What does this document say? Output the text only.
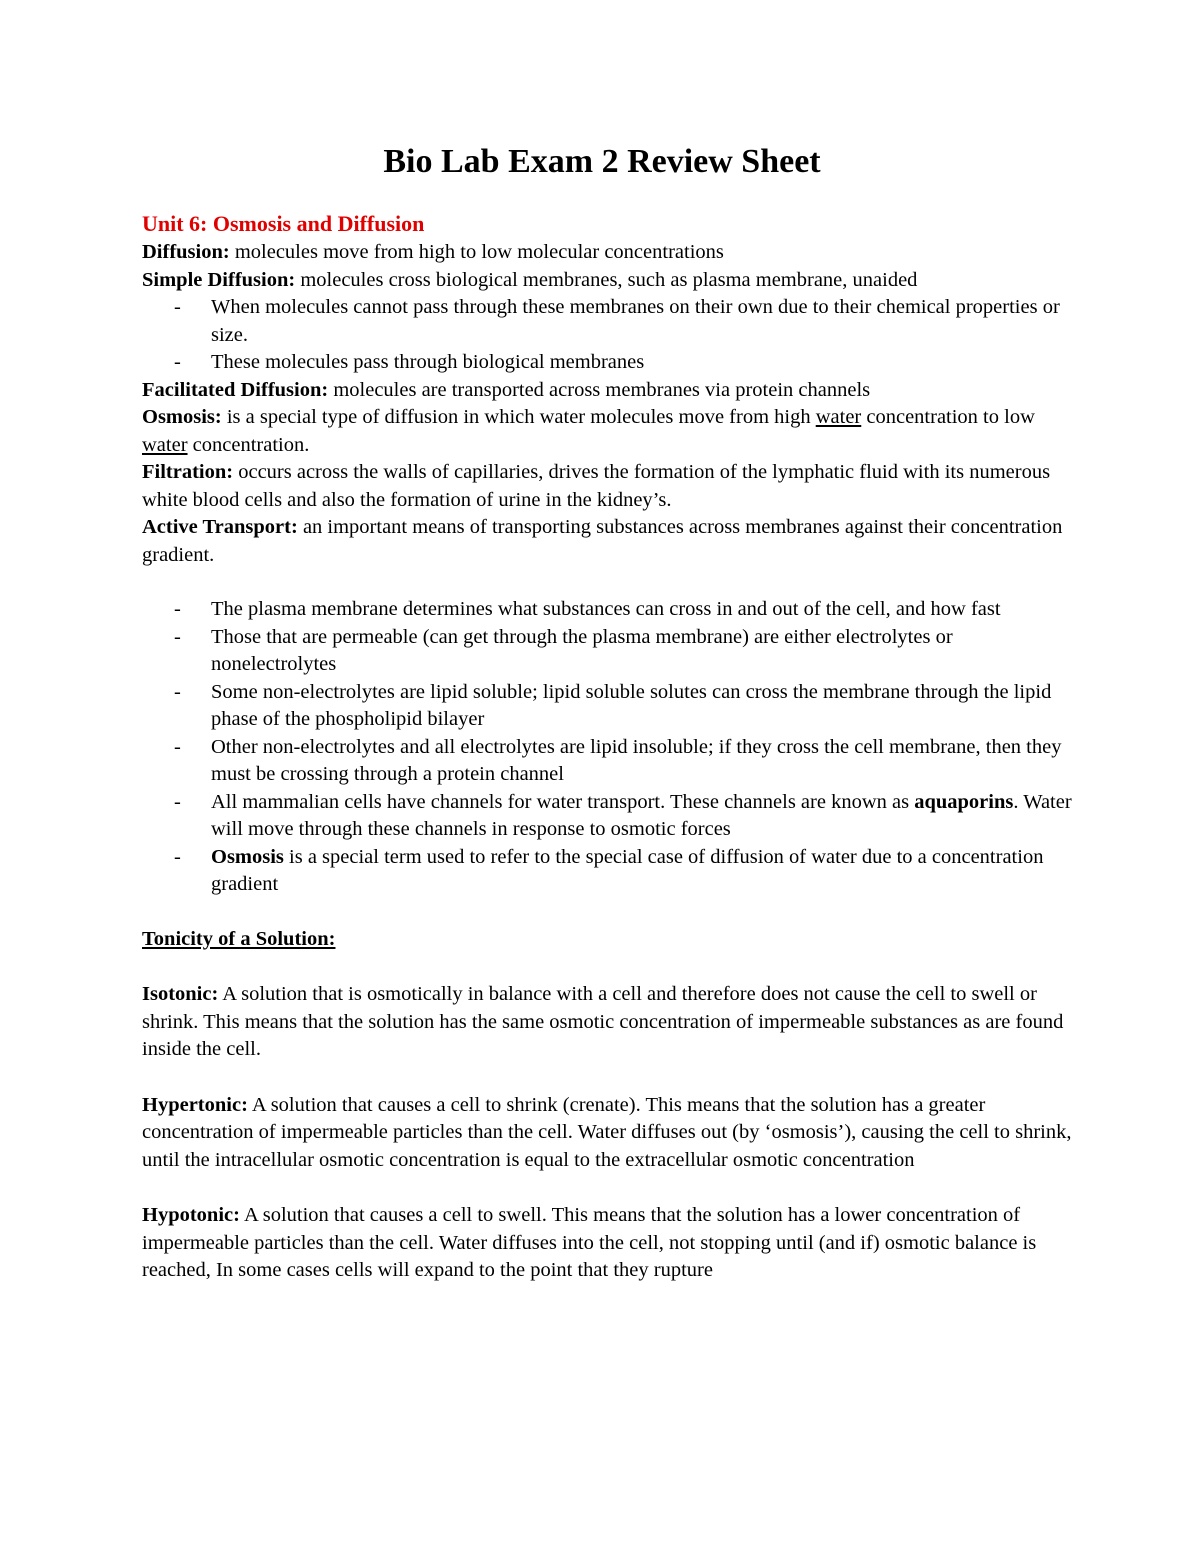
Bio Lab Exam 2 Review Sheet
Unit 6: Osmosis and Diffusion

Diffusion: molecules move from high to low molecular concentrations

Simple Diffusion: molecules cross biological membranes, such as plasma membrane, unaided

- When molecules cannot pass through these membranes on their own due to their chemical properties or size.
- These molecules pass through biological membranes

Facilitated Diffusion: molecules are transported across membranes via protein channels

Osmosis: is a special type of diffusion in which water molecules move from high water concentration to low water concentration.

Filtration: occurs across the walls of capillaries, drives the formation of the lymphatic fluid with its numerous white blood cells and also the formation of urine in the kidney’s.

Active Transport: an important means of transporting substances across membranes against their concentration gradient.

- The plasma membrane determines what substances can cross in and out of the cell, and how fast
- Those that are permeable (can get through the plasma membrane) are either electrolytes or nonelectrolytes
- Some non-electrolytes are lipid soluble; lipid soluble solutes can cross the membrane through the lipid phase of the phospholipid bilayer
- Other non-electrolytes and all electrolytes are lipid insoluble; if they cross the cell membrane, then they must be crossing through a protein channel
- All mammalian cells have channels for water transport. These channels are known as aquaporins. Water will move through these channels in response to osmotic forces
- Osmosis is a special term used to refer to the special case of diffusion of water due to a concentration gradient

Tonicity of a Solution:

Isotonic: A solution that is osmotically in balance with a cell and therefore does not cause the cell to swell or shrink. This means that the solution has the same osmotic concentration of impermeable substances as are found inside the cell.

Hypertonic: A solution that causes a cell to shrink (crenate). This means that the solution has a greater concentration of impermeable particles than the cell. Water diffuses out (by ‘osmosis’), causing the cell to shrink, until the intracellular osmotic concentration is equal to the extracellular osmotic concentration

Hypotonic: A solution that causes a cell to swell. This means that the solution has a lower concentration of impermeable particles than the cell. Water diffuses into the cell, not stopping until (and if) osmotic balance is reached, In some cases cells will expand to the point that they rupture
